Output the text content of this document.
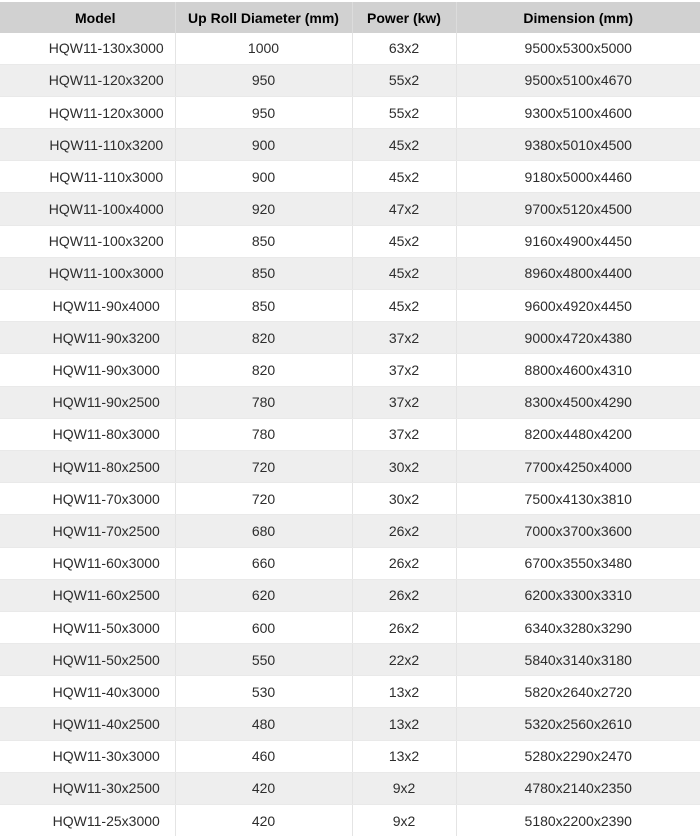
Model	Up Roll Diameter (mm)	Power (kw)	Dimension (mm)
HQW11-130x3000	1000	63x2	9500x5300x5000
HQW11-120x3200	950	55x2	9500x5100x4670
HQW11-120x3000	950	55x2	9300x5100x4600
HQW11-110x3200	900	45x2	9380x5010x4500
HQW11-110x3000	900	45x2	9180x5000x4460
HQW11-100x4000	920	47x2	9700x5120x4500
HQW11-100x3200	850	45x2	9160x4900x4450
HQW11-100x3000	850	45x2	8960x4800x4400
HQW11-90x4000	850	45x2	9600x4920x4450
HQW11-90x3200	820	37x2	9000x4720x4380
HQW11-90x3000	820	37x2	8800x4600x4310
HQW11-90x2500	780	37x2	8300x4500x4290
HQW11-80x3000	780	37x2	8200x4480x4200
HQW11-80x2500	720	30x2	7700x4250x4000
HQW11-70x3000	720	30x2	7500x4130x3810
HQW11-70x2500	680	26x2	7000x3700x3600
HQW11-60x3000	660	26x2	6700x3550x3480
HQW11-60x2500	620	26x2	6200x3300x3310
HQW11-50x3000	600	26x2	6340x3280x3290
HQW11-50x2500	550	22x2	5840x3140x3180
HQW11-40x3000	530	13x2	5820x2640x2720
HQW11-40x2500	480	13x2	5320x2560x2610
HQW11-30x3000	460	13x2	5280x2290x2470
HQW11-30x2500	420	9x2	4780x2140x2350
HQW11-25x3000	420	9x2	5180x2200x2390
